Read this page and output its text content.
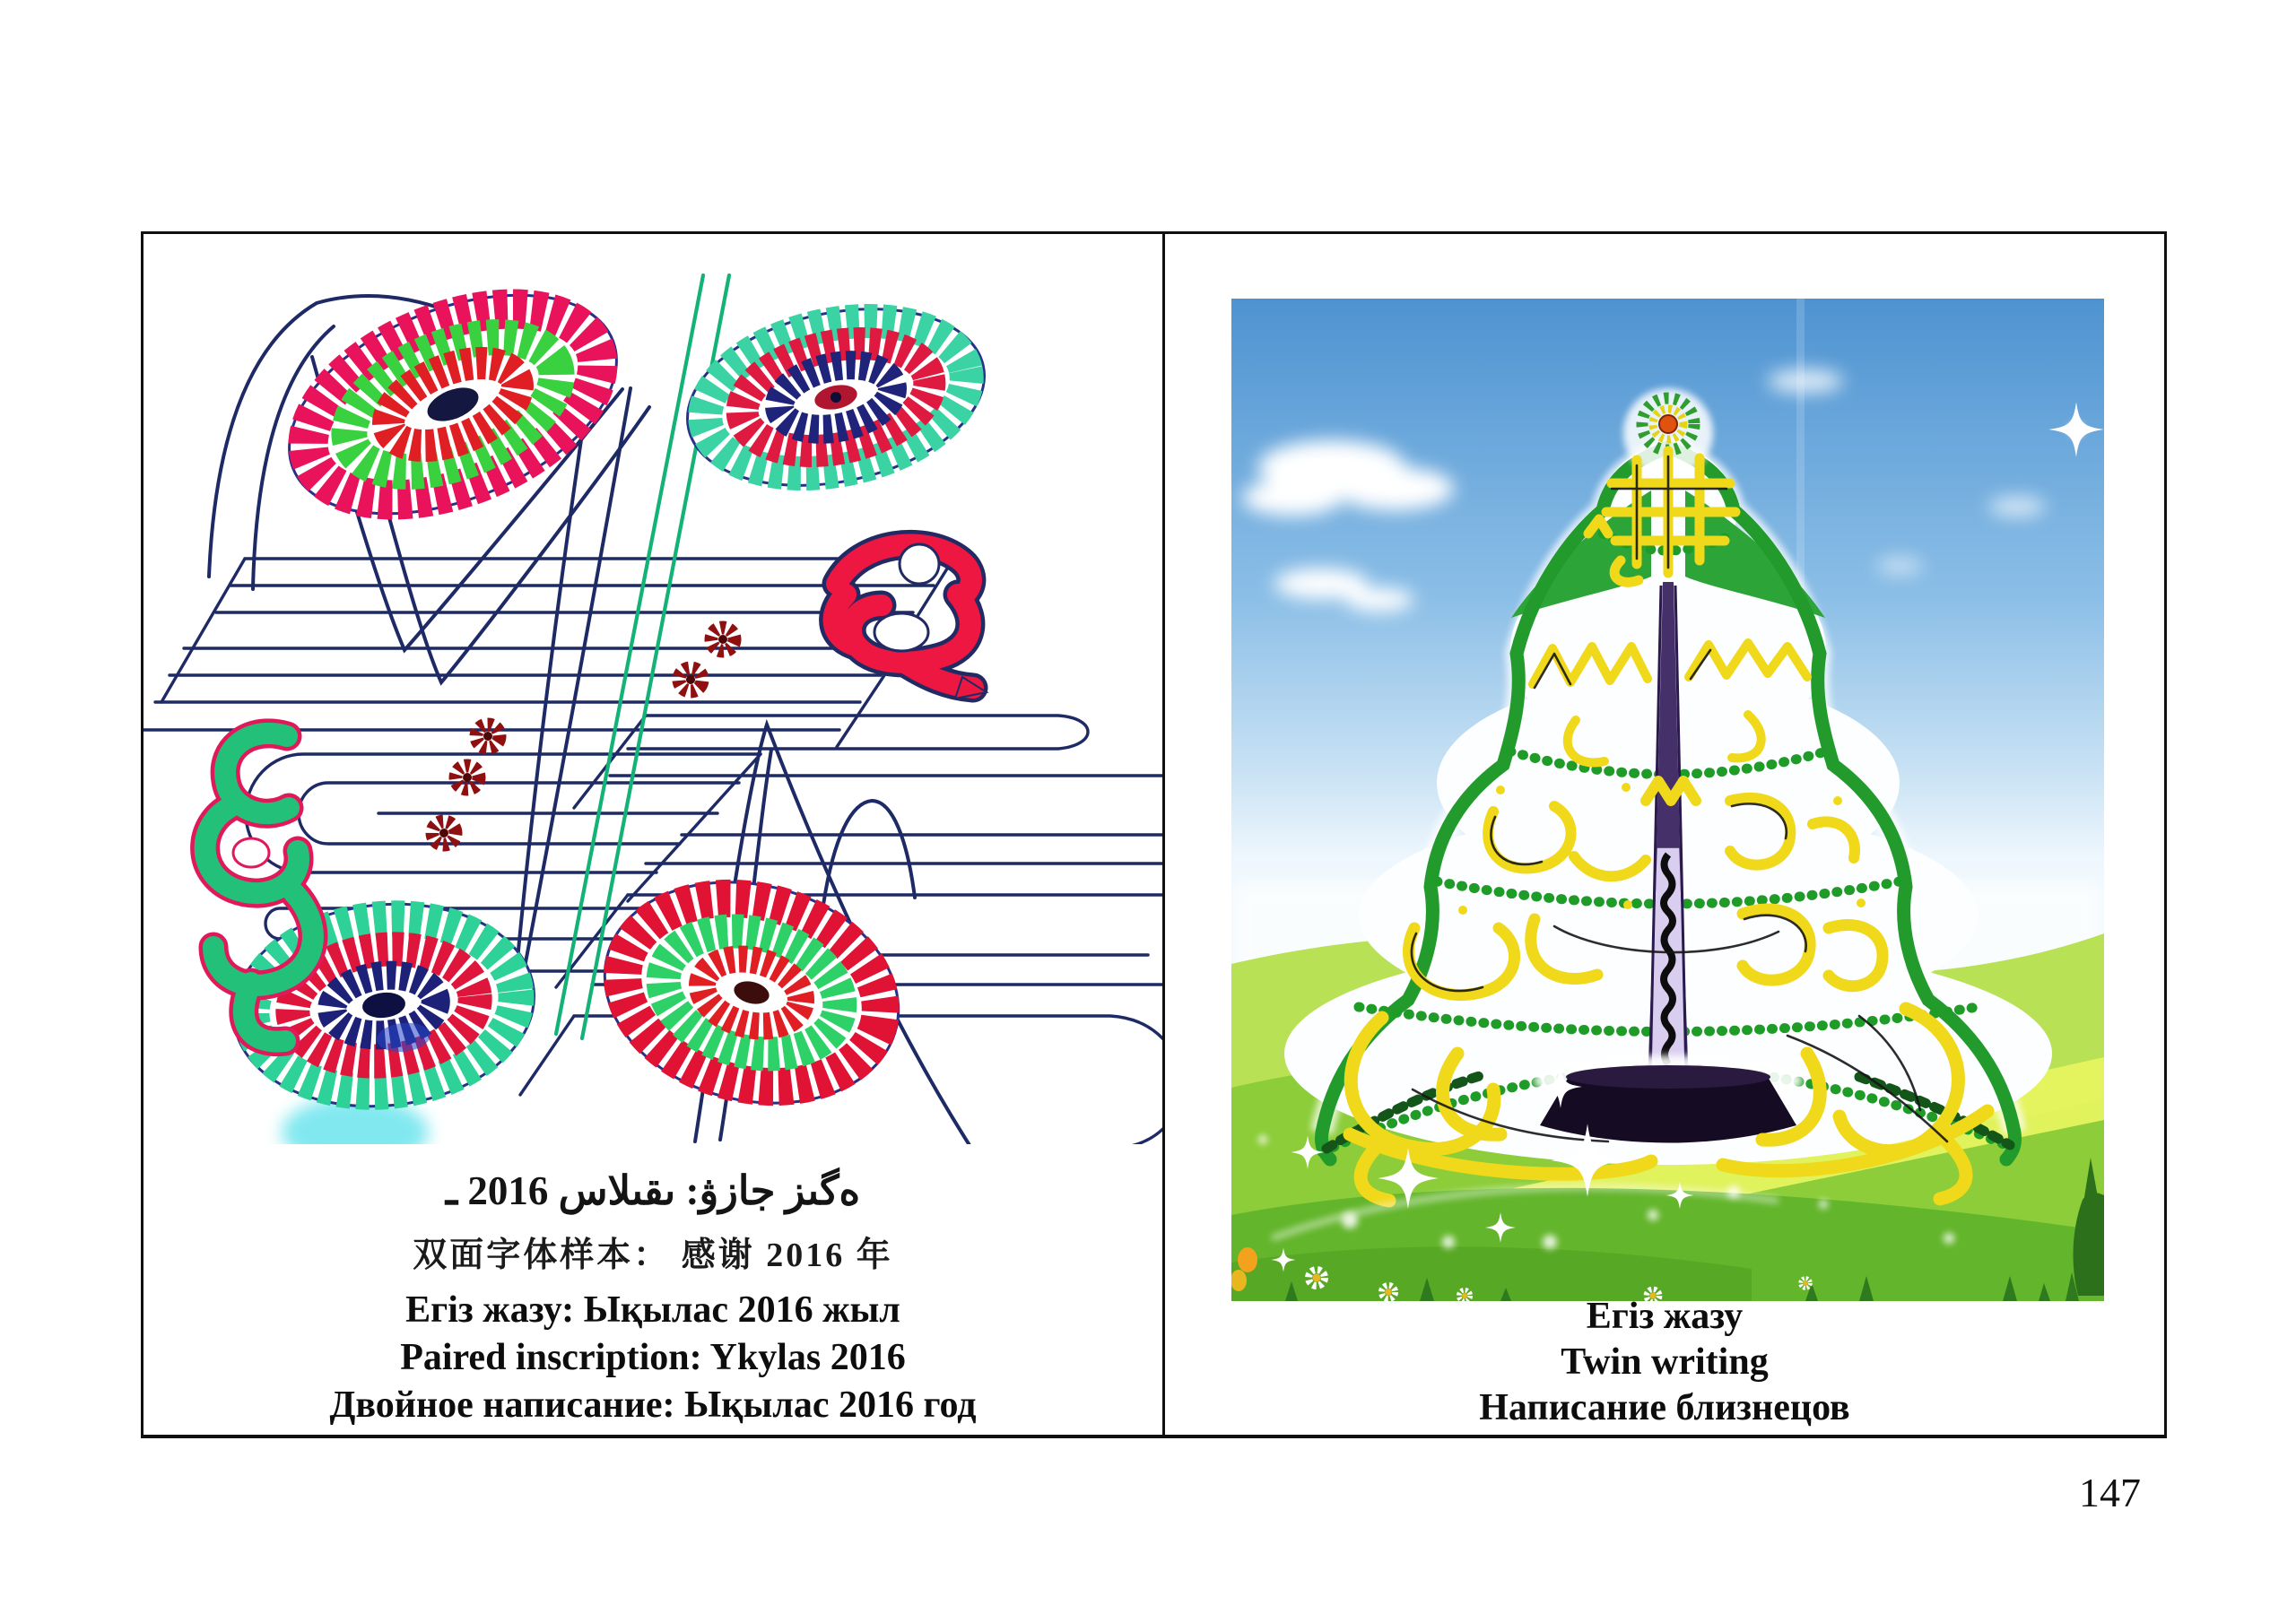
ەگىز جازۋ: ىقىلاس 2016 ـ

双面字体样本： 感谢 2016 年

Егіз жазу: Ықылас 2016 жыл

Paired inscription: Ykylas 2016

Двойное написание: Ықылас 2016 год

Егіз жазу

Twin writing

Написание близнецов

147
